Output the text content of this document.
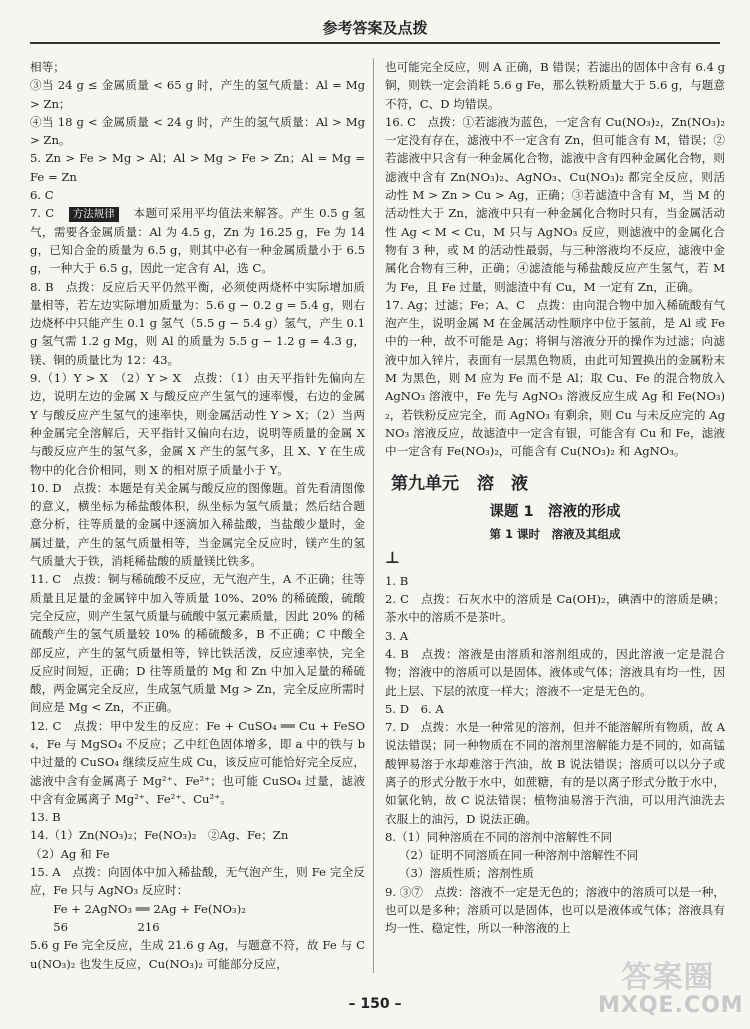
参考答案及点拨

相等；

③当 24 g ≤ 金属质量 < 65 g 时，产生的氢气质量：Al = Mg > Zn；

④当 18 g < 金属质量 < 24 g 时，产生的氢气质量：Al > Mg > Zn。

5. Zn > Fe > Mg > Al；Al > Mg > Fe > Zn；Al = Mg = Fe = Zn

6. C

7. C　方法规律　本题可采用平均值法来解答。产生 0.5 g 氢气，需要各金属质量：Al 为 4.5 g，Zn 为 16.25 g，Fe 为 14 g，已知合金的质量为 6.5 g，则其中必有一种金属质量小于 6.5 g，一种大于 6.5 g，因此一定含有 Al，选 C。

8. B　点拨：反应后天平仍然平衡，必须使两烧杯中实际增加质量相等，若左边实际增加质量为：5.6 g − 0.2 g = 5.4 g，则右边烧杯中只能产生 0.1 g 氢气（5.5 g − 5.4 g）氢气，产生 0.1 g 氢气需 1.2 g Mg，则 Al 的质量为 5.5 g − 1.2 g = 4.3 g，镁、铜的质量比为 12：43。

9.（1）Y > X　（2）Y > X　点拨：（1）由天平指针先偏向左边，说明左边的金属 X 与酸反应产生氢气的速率慢，右边的金属 Y 与酸反应产生氢气的速率快，则金属活动性 Y > X；（2）当两种金属完全溶解后，天平指针又偏向右边，说明等质量的金属 X 与酸反应产生的氢气多，金属 X 产生的氢气多，且 X、Y 在生成物中的化合价相同，则 X 的相对原子质量小于 Y。

10. D　点拨：本题是有关金属与酸反应的图像题。首先看清图像的意义，横坐标为稀盐酸体积，纵坐标为氢气质量；然后结合题意分析，往等质量的金属中逐滴加入稀盐酸，当盐酸少量时，金属过量，产生的氢气质量相等，当金属完全反应时，镁产生的氢气质量大于铁，消耗稀盐酸的质量镁比铁多。

11. C　点拨：铜与稀硫酸不反应，无气泡产生，A 不正确；往等质量且足量的金属锌中加入等质量 10%、20% 的稀硫酸，硫酸完全反应，则产生氢气质量与硫酸中氢元素质量，因此 20% 的稀硫酸产生的氢气质量较 10% 的稀硫酸多，B 不正确；C 中酸全部反应，产生的氢气质量相等，锌比铁活泼，反应速率快，完全反应时间短，正确；D 往等质量的 Mg 和 Zn 中加入足量的稀硫酸，两金属完全反应，生成氢气质量 Mg > Zn，完全反应所需时间应是 Mg < Zn，不正确。

12. C　点拨：甲中发生的反应：Fe + CuSO₄ ══ Cu + FeSO₄，Fe 与 MgSO₄ 不反应；乙中红色固体增多，即 a 中的铁与 b 中过量的 CuSO₄ 继续反应生成 Cu，该反应可能恰好完全反应，滤液中含有金属离子 Mg²⁺、Fe²⁺；也可能 CuSO₄ 过量，滤液中含有金属离子 Mg²⁺、Fe²⁺、Cu²⁺。

13. B

14.（1）Zn(NO₃)₂；Fe(NO₃)₂　②Ag、Fe；Zn

（2）Ag 和 Fe

15. A　点拨：向固体中加入稀盐酸，无气泡产生，则 Fe 完全反应，Fe 只与 AgNO₃ 反应时：

Fe + 2AgNO₃ ══ 2Ag + Fe(NO₃)₂

56　　　　　　216

5.6 g Fe 完全反应，生成 21.6 g Ag，与题意不符，故 Fe 与 Cu(NO₃)₂ 也发生反应，Cu(NO₃)₂ 可能部分反应，

也可能完全反应，则 A 正确，B 错误；若滤出的固体中含有 6.4 g 铜，则铁一定会消耗 5.6 g Fe，那么铁粉质量大于 5.6 g，与题意不符，C、D 均错误。

16. C　点拨：①若滤液为蓝色，一定含有 Cu(NO₃)₂，Zn(NO₃)₂ 一定没有存在，滤液中不一定含有 Zn，但可能含有 M，错误；②若滤液中只含有一种金属化合物，滤液中含有四种金属化合物，则滤液中含有 Zn(NO₃)₂、AgNO₃、Cu(NO₃)₂ 都完全反应，则活动性 M > Zn > Cu > Ag，正确；③若滤渣中含有 M，当 M 的活动性大于 Zn，滤液中只有一种金属化合物时只有，当金属活动性 Ag < M < Cu，M 只与 AgNO₃ 反应，则滤液中的金属化合物有 3 种，或 M 的活动性最弱，与三种溶液均不反应，滤液中金属化合物有三种，正确；④滤渣能与稀盐酸反应产生氢气，若 M 为 Fe，且 Fe 过量，则滤渣中有 Cu，M 一定有 Zn，正确。

17. Ag；过滤；Fe；A、C　点拨：由向混合物中加入稀硫酸有气泡产生，说明金属 M 在金属活动性顺序中位于氢前，是 Al 或 Fe 中的一种，故不可能是 Ag；将铜与溶液分开的操作为过滤；向滤液中加入锌片，表面有一层黑色物质，由此可知置换出的金属粉末 M 为黑色，则 M 应为 Fe 而不是 Al；取 Cu、Fe 的混合物放入 AgNO₃ 溶液中，Fe 先与 AgNO₃ 溶液反应生成 Ag 和 Fe(NO₃)₂，若铁粉反应完全，而 AgNO₃ 有剩余，则 Cu 与未反应完的 AgNO₃ 溶液反应，故滤渣中一定含有银，可能含有 Cu 和 Fe，滤液中一定含有 Fe(NO₃)₂，可能含有 Cu(NO₃)₂ 和 AgNO₃。

第九单元 溶　液
课题 1　溶液的形成
第 1 课时　溶液及其组成
⊥

1. B

2. C　点拨：石灰水中的溶质是 Ca(OH)₂，碘酒中的溶质是碘；茶水中的溶质不是茶叶。

3. A

4. B　点拨：溶液是由溶质和溶剂组成的，因此溶液一定是混合物；溶液中的溶质可以是固体、液体或气体；溶液具有均一性，因此上层、下层的浓度一样大；溶液不一定是无色的。

5. D　6. A

7. D　点拨：水是一种常见的溶剂，但并不能溶解所有物质，故 A 说法错误；同一种物质在不同的溶剂里溶解能力是不同的，如高锰酸钾易溶于水却难溶于汽油，故 B 说法错误；溶质可以以分子或离子的形式分散于水中，如蔗糖，有的是以离子形式分散于水中，如氯化钠，故 C 说法错误；植物油易溶于汽油，可以用汽油洗去衣服上的油污，D 说法正确。

8.（1）同种溶质在不同的溶剂中溶解性不同

（2）证明不同溶质在同一种溶剂中溶解性不同

（3）溶质性质；溶剂性质

9. ③⑦　点拨：溶液不一定是无色的；溶液中的溶质可以是一种，也可以是多种；溶质可以是固体，也可以是液体或气体；溶液具有均一性、稳定性，所以一种溶液的上

– 150 –
答案圈
MXQE.COM
